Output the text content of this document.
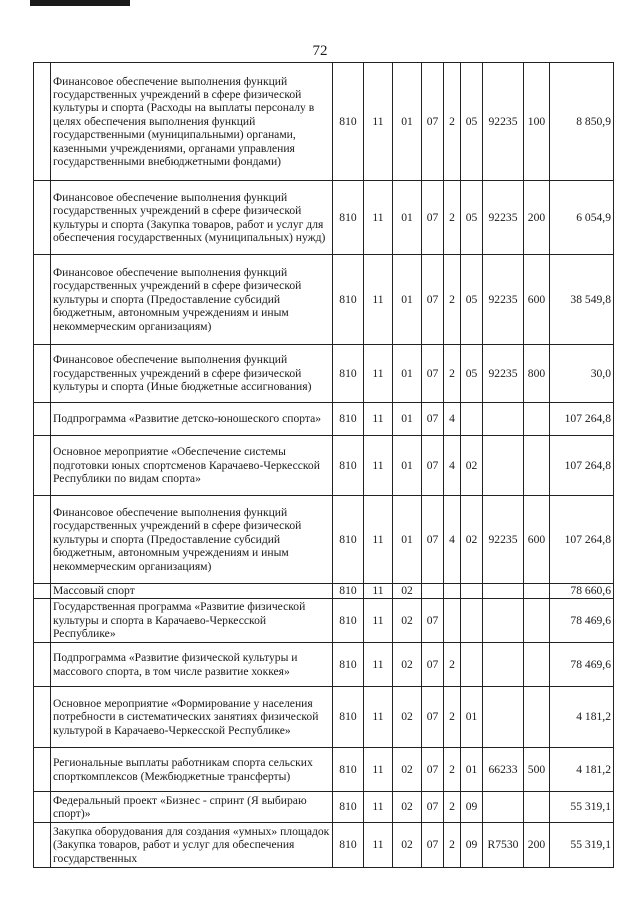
72
	Финансовое обеспечение выполнения функций государственных учреждений в сфере физической культуры и спорта (Расходы на выплаты персоналу в целях обеспечения выполнения функций государственными (муниципальными) органами, казенными учреждениями, органами управления государственными внебюджетными фондами)	810	11	01	07	2	05	92235	100	8 850,9
	Финансовое обеспечение выполнения функций государственных учреждений в сфере физической культуры и спорта (Закупка товаров, работ и услуг для обеспечения государственных (муниципальных) нужд)	810	11	01	07	2	05	92235	200	6 054,9
	Финансовое обеспечение выполнения функций государственных учреждений в сфере физической культуры и спорта (Предоставление субсидий бюджетным, автономным учреждениям и иным некоммерческим организациям)	810	11	01	07	2	05	92235	600	38 549,8
	Финансовое обеспечение выполнения функций государственных учреждений в сфере физической культуры и спорта (Иные бюджетные ассигнования)	810	11	01	07	2	05	92235	800	30,0
	Подпрограмма «Развитие детско-юношеского спорта»	810	11	01	07	4				107 264,8
	Основное мероприятие «Обеспечение системы подготовки юных спортсменов Карачаево-Черкесской Республики по видам спорта»	810	11	01	07	4	02			107 264,8
	Финансовое обеспечение выполнения функций государственных учреждений в сфере физической культуры и спорта (Предоставление субсидий бюджетным, автономным учреждениям и иным некоммерческим организациям)	810	11	01	07	4	02	92235	600	107 264,8
	Массовый спорт	810	11	02						78 660,6
	Государственная программа «Развитие физической культуры и спорта в Карачаево-Черкесской Республике»	810	11	02	07					78 469,6
	Подпрограмма «Развитие физической культуры и массового спорта, в том числе развитие хоккея»	810	11	02	07	2				78 469,6
	Основное мероприятие «Формирование у населения потребности в систематических занятиях физической культурой в Карачаево-Черкесской Республике»	810	11	02	07	2	01			4 181,2
	Региональные выплаты работникам спорта сельских спорткомплексов (Межбюджетные трансферты)	810	11	02	07	2	01	66233	500	4 181,2
	Федеральный проект «Бизнес - спринт (Я выбираю спорт)»	810	11	02	07	2	09			55 319,1
	Закупка оборудования для создания «умных» площадок (Закупка товаров, работ и услуг для обеспечения государственных	810	11	02	07	2	09	R7530	200	55 319,1
